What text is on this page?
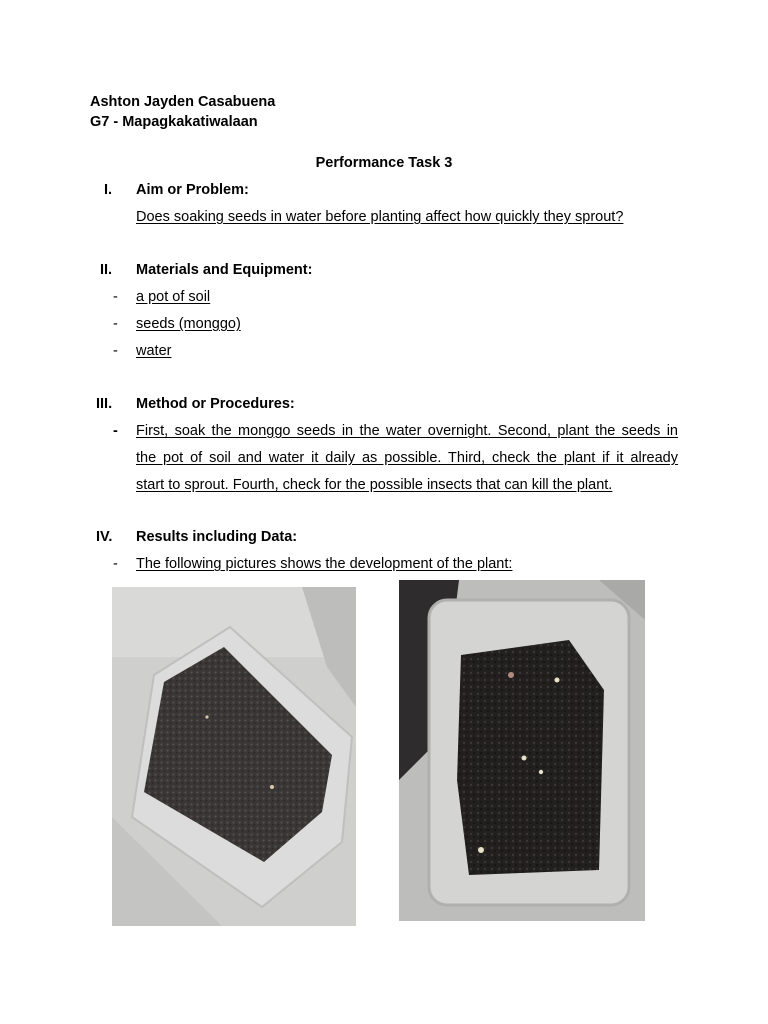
Ashton Jayden Casabuena
G7 - Mapagkakatiwalaan
Performance Task 3
I. Aim or Problem:
Does soaking seeds in water before planting affect how quickly they sprout?
II. Materials and Equipment:
- a pot of soil
- seeds (monggo)
- water
III. Method or Procedures:
- First, soak the monggo seeds in the water overnight. Second, plant the seeds in
the pot of soil and water it daily as possible. Third, check the plant if it already
start to sprout. Fourth, check for the possible insects that can kill the plant.
IV. Results including Data:
- The following pictures shows the development of the plant:
